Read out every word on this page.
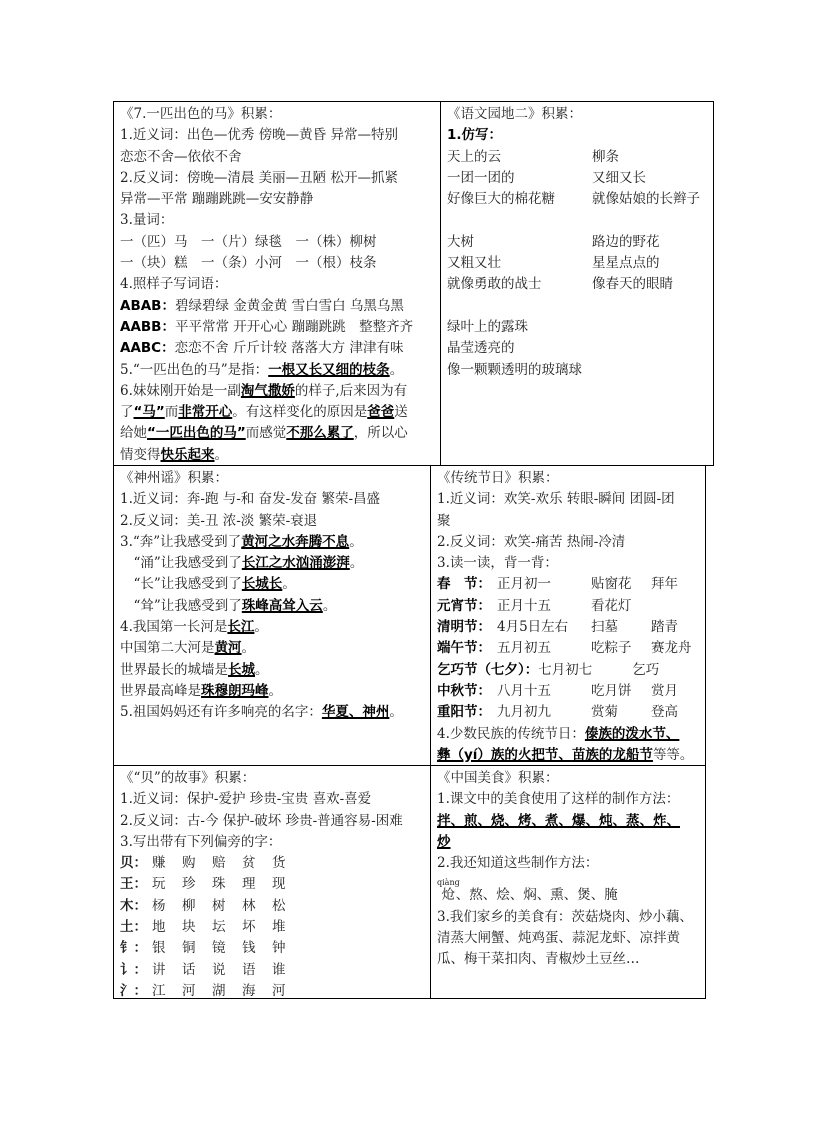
《7.一匹出色的马》积累：
1.近义词：出色—优秀 傍晚—黄昏 异常—特别
恋恋不舍—依依不舍
2.反义词：傍晚—清晨 美丽—丑陋 松开—抓紧
异常—平常 蹦蹦跳跳—安安静静
3.量词：
一（匹）马　一（片）绿毯　一（株）柳树
一（块）糕　一（条）小河　一（根）枝条
4.照样子写词语：
ABAB：碧绿碧绿 金黄金黄 雪白雪白 乌黑乌黑
AABB：平平常常 开开心心 蹦蹦跳跳　整整齐齐
AABC：恋恋不舍 斤斤计较 落落大方 津津有味
5.“一匹出色的马”是指：一根又长又细的枝条。
6.妹妹刚开始是一副淘气撒娇的样子,后来因为有
了“马”而非常开心。有这样变化的原因是爸爸送
给她“一匹出色的马”而感觉不那么累了，所以心
情变得快乐起来。
《语文园地二》积累：
1.仿写：
天上的云	柳条
一团一团的	又细又长
好像巨大的棉花糖	就像姑娘的长辫子
大树	路边的野花
又粗又壮	星星点点的
就像勇敢的战士	像春天的眼睛
绿叶上的露珠
晶莹透亮的
像一颗颗透明的玻璃球
《神州谣》积累：
1.近义词：奔-跑 与-和 奋发-发奋 繁荣-昌盛
2.反义词：美-丑 浓-淡 繁荣-衰退
3.“奔”让我感受到了黄河之水奔腾不息。
　“涌”让我感受到了长江之水汹涌澎湃。
　“长”让我感受到了长城长。
　“耸”让我感受到了珠峰高耸入云。
4.我国第一长河是长江。
中国第二大河是黄河。
世界最长的城墙是长城。
世界最高峰是珠穆朗玛峰。
5.祖国妈妈还有许多响亮的名字：华夏、神州。
《传统节日》积累：
1.近义词：欢笑-欢乐 转眼-瞬间 团圆-团
聚
2.反义词：欢笑-痛苦 热闹-冷清
3.读一读，背一背：
春　节： 正月初一	贴窗花 拜年
元宵节： 正月十五	看花灯
清明节： 4月5日左右 扫墓 踏青
端午节： 五月初五	吃粽子 赛龙舟
乞巧节（七夕）：七月初七	乞巧
中秋节： 八月十五	吃月饼 赏月
重阳节： 九月初九	赏菊 登高
4.少数民族的传统节日：傣族的泼水节、
彝（yí）族的火把节、苗族的龙船节等等。
《“贝”的故事》积累：
1.近义词：保护-爱护 珍贵-宝贵 喜欢-喜爱
2.反义词：古-今 保护-破坏 珍贵-普通容易-困难
3.写出带有下列偏旁的字：
贝： 赚 购 赔 贫 货
王： 玩 珍 珠 理 现
木： 杨 柳 树 林 松
土： 地 块 坛 坏 堆
钅： 银 铜 镜 钱 钟
讠： 讲 话 说 语 谁
氵： 江 河 湖 海 河
《中国美食》积累：
1.课文中的美食使用了这样的制作方法：
拌、煎、烧、烤、煮、爆、炖、蒸、炸、
炒
2.我还知道这些制作方法：
炝qiàng、熬、烩、焖、熏、煲、腌
3.我们家乡的美食有：茨菇烧肉、炒小藕、
清蒸大闸蟹、炖鸡蛋、蒜泥龙虾、凉拌黄
瓜、梅干菜扣肉、青椒炒土豆丝…
